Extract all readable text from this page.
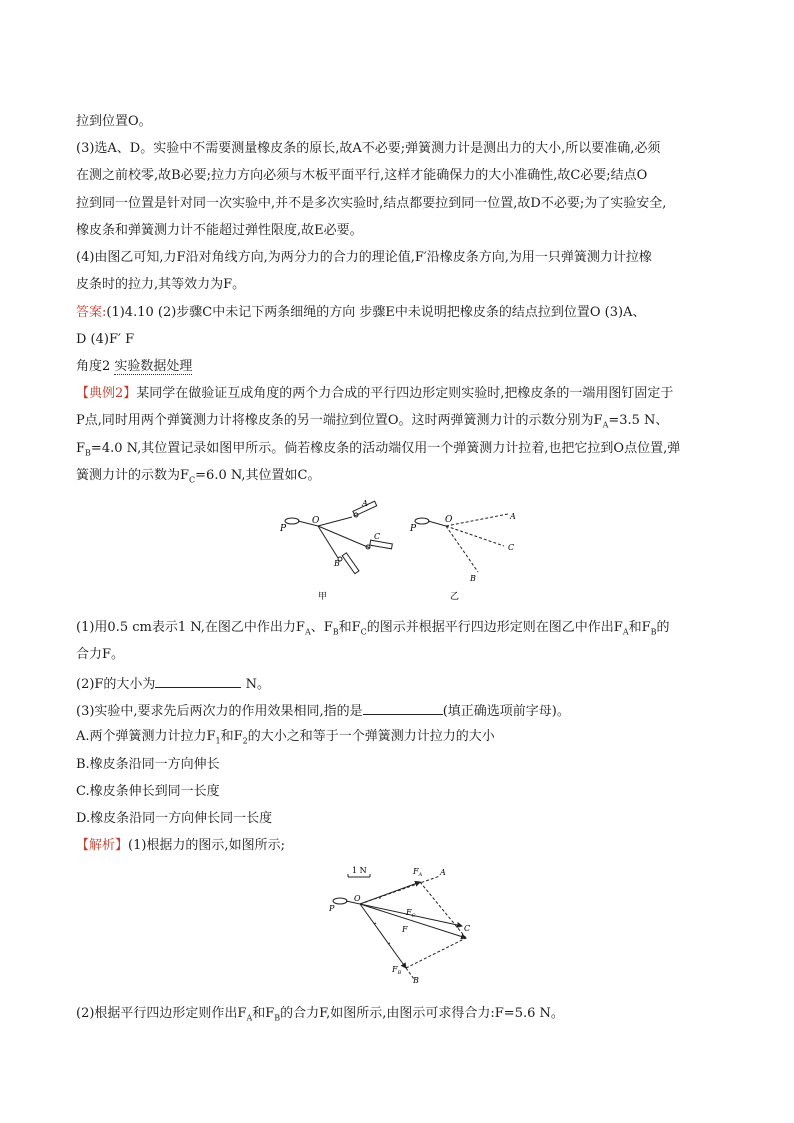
拉到位置O。
(3)选A、D。实验中不需要测量橡皮条的原长,故A不必要;弹簧测力计是测出力的大小,所以要准确,必须
在测之前校零,故B必要;拉力方向必须与木板平面平行,这样才能确保力的大小准确性,故C必要;结点O
拉到同一位置是针对同一次实验中,并不是多次实验时,结点都要拉到同一位置,故D不必要;为了实验安全,
橡皮条和弹簧测力计不能超过弹性限度,故E必要。
(4)由图乙可知,力F沿对角线方向,为两分力的合力的理论值,F′沿橡皮条方向,为用一只弹簧测力计拉橡
皮条时的拉力,其等效力为F。
答案:(1)4.10 (2)步骤C中未记下两条细绳的方向 步骤E中未说明把橡皮条的结点拉到位置O (3)A、
D (4)F′ F
角度2 实验数据处理
【典例2】某同学在做验证互成角度的两个力合成的平行四边形定则实验时,把橡皮条的一端用图钉固定于
P点,同时用两个弹簧测力计将橡皮条的另一端拉到位置O。这时两弹簧测力计的示数分别为$F_A=3.5$ N、
$F_B=4.0$ N,其位置记录如图甲所示。倘若橡皮条的活动端仅用一个弹簧测力计拉着,也把它拉到O点位置,弹
簧测力计的示数为$F_C=6.0$ N,其位置如C。
P
O
A
C
B
甲
P
O	A
C
B
乙
(1)用0.5 cm表示1 N,在图乙中作出力$F_A$、$F_B$和$F_C$的图示并根据平行四边形定则在图乙中作出$F_A$和$F_B$的
合力F。
(2)F的大小为	N。
(3)实验中,要求先后两次力的作用效果相同,指的是	(填正确选项前字母)。
A.两个弹簧测力计拉力$F_1$和$F_2$的大小之和等于一个弹簧测力计拉力的大小
B.橡皮条沿同一方向伸长
C.橡皮条伸长到同一长度
D.橡皮条沿同一方向伸长同一长度
【解析】(1)根据力的图示,如图所示;
1 N
P
O
A
$F_A$
$F_C$
F	C
$F_B$
B
(2)根据平行四边形定则作出$F_A$和$F_B$的合力F,如图所示,由图示可求得合力:F=5.6 N。
